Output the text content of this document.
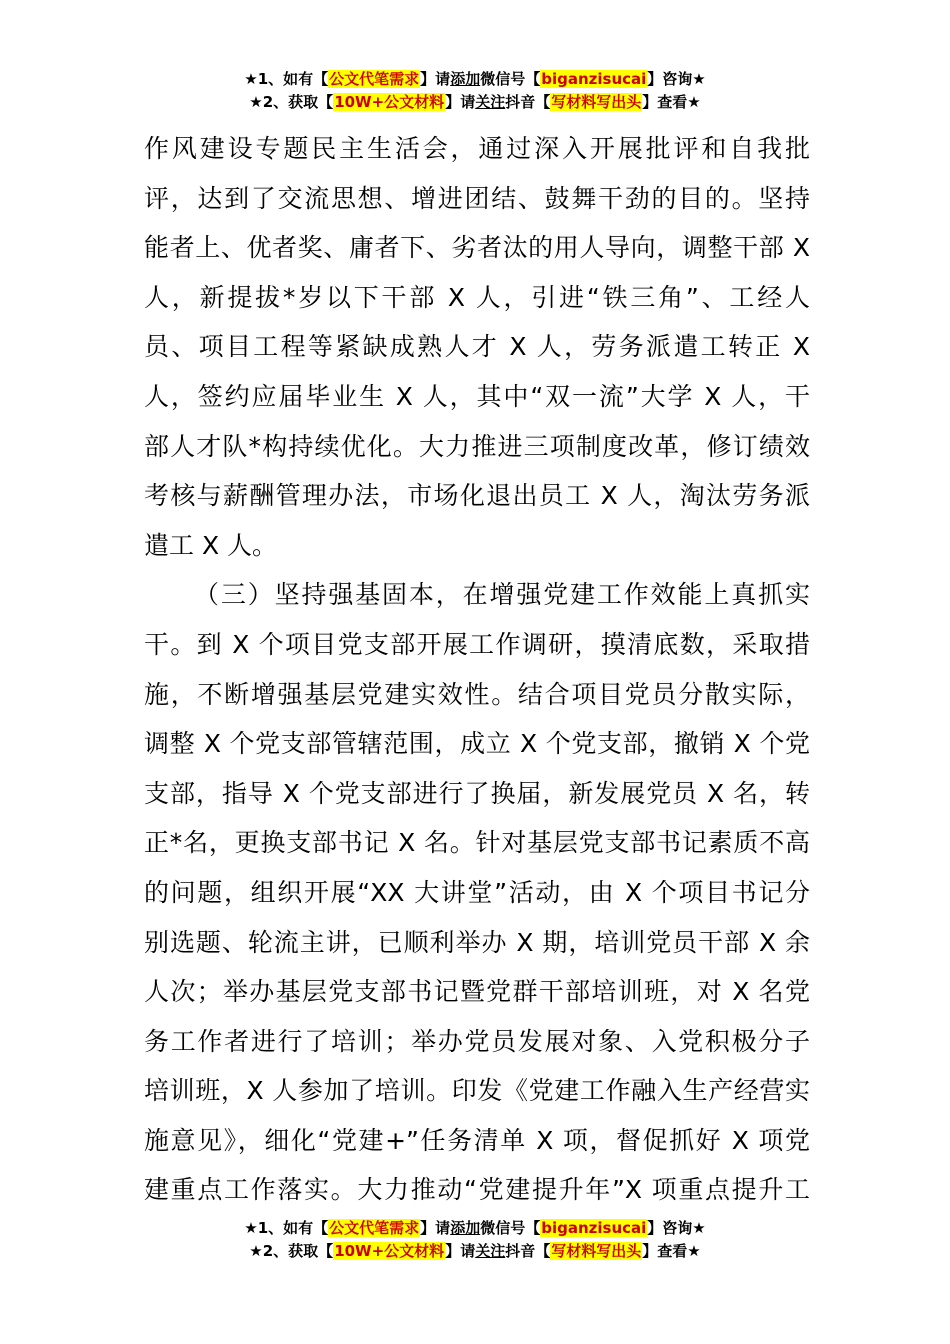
★1、如有【公文代笔需求】请添加微信号【biganzisucai】咨询★
★2、获取【10W+公文材料】请关注抖音【写材料写出头】查看★
作风建设专题民主生活会，通过深入开展批评和自我批
评，达到了交流思想、增进团结、鼓舞干劲的目的。坚持
能者上、优者奖、庸者下、劣者汰的用人导向，调整干部 X
人，新提拔*岁以下干部 X 人，引进“铁三角”、工经人
员、项目工程等紧缺成熟人才 X 人，劳务派遣工转正 X
人，签约应届毕业生 X 人，其中“双一流”大学 X 人，干
部人才队*构持续优化。大力推进三项制度改革，修订绩效
考核与薪酬管理办法，市场化退出员工 X 人，淘汰劳务派
遣工 X 人。
（三）坚持强基固本，在增强党建工作效能上真抓实
干。到 X 个项目党支部开展工作调研，摸清底数，采取措
施，不断增强基层党建实效性。结合项目党员分散实际，
调整 X 个党支部管辖范围，成立 X 个党支部，撤销 X 个党
支部，指导 X 个党支部进行了换届，新发展党员 X 名，转
正*名，更换支部书记 X 名。针对基层党支部书记素质不高
的问题，组织开展“XX 大讲堂”活动，由 X 个项目书记分
别选题、轮流主讲，已顺利举办 X 期，培训党员干部 X 余
人次；举办基层党支部书记暨党群干部培训班，对 X 名党
务工作者进行了培训；举办党员发展对象、入党积极分子
培训班，X 人参加了培训。印发《党建工作融入生产经营实
施意见》，细化“党建+”任务清单 X 项，督促抓好 X 项党
建重点工作落实。大力推动“党建提升年”X 项重点提升工
★1、如有【公文代笔需求】请添加微信号【biganzisucai】咨询★
★2、获取【10W+公文材料】请关注抖音【写材料写出头】查看★
